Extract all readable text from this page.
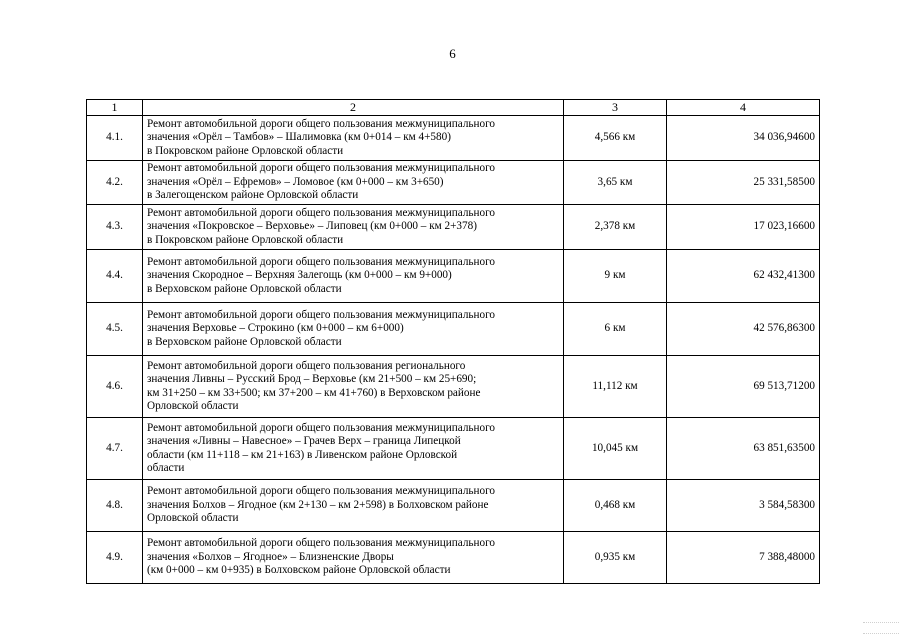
6
1	2	3	4
4.1.	Ремонт автомобильной дороги общего пользования межмуниципального
значения «Орёл – Тамбов» – Шалимовка (км 0+014 – км 4+580)
в Покровском районе Орловской области	4,566 км	34 036,94600
4.2.	Ремонт автомобильной дороги общего пользования межмуниципального
значения «Орёл – Ефремов» – Ломовое (км 0+000 – км 3+650)
в Залегощенском районе Орловской области	3,65 км	25 331,58500
4.3.	Ремонт автомобильной дороги общего пользования межмуниципального
значения «Покровское – Верховье» – Липовец (км 0+000 – км 2+378)
в Покровском районе Орловской области	2,378 км	17 023,16600
4.4.	Ремонт автомобильной дороги общего пользования межмуниципального
значения Скородное – Верхняя Залегощь (км 0+000 – км 9+000)
в Верховском районе Орловской области	9 км	62 432,41300
4.5.	Ремонт автомобильной дороги общего пользования межмуниципального
значения Верховье – Строкино (км 0+000 – км 6+000)
в Верховском районе Орловской области	6 км	42 576,86300
4.6.	Ремонт автомобильной дороги общего пользования регионального
значения Ливны – Русский Брод – Верховье (км 21+500 – км 25+690;
км 31+250 – км 33+500; км 37+200 – км 41+760) в Верховском районе
Орловской области	11,112 км	69 513,71200
4.7.	Ремонт автомобильной дороги общего пользования межмуниципального
значения «Ливны – Навесное» – Грачев Верх – граница Липецкой
области (км 11+118 – км 21+163) в Ливенском районе Орловской
области	10,045 км	63 851,63500
4.8.	Ремонт автомобильной дороги общего пользования межмуниципального
значения Болхов – Ягодное (км 2+130 – км 2+598) в Болховском районе
Орловской области	0,468 км	3 584,58300
4.9.	Ремонт автомобильной дороги общего пользования межмуниципального
значения «Болхов – Ягодное» – Близненские Дворы
(км 0+000 – км 0+935) в Болховском районе Орловской области	0,935 км	7 388,48000
